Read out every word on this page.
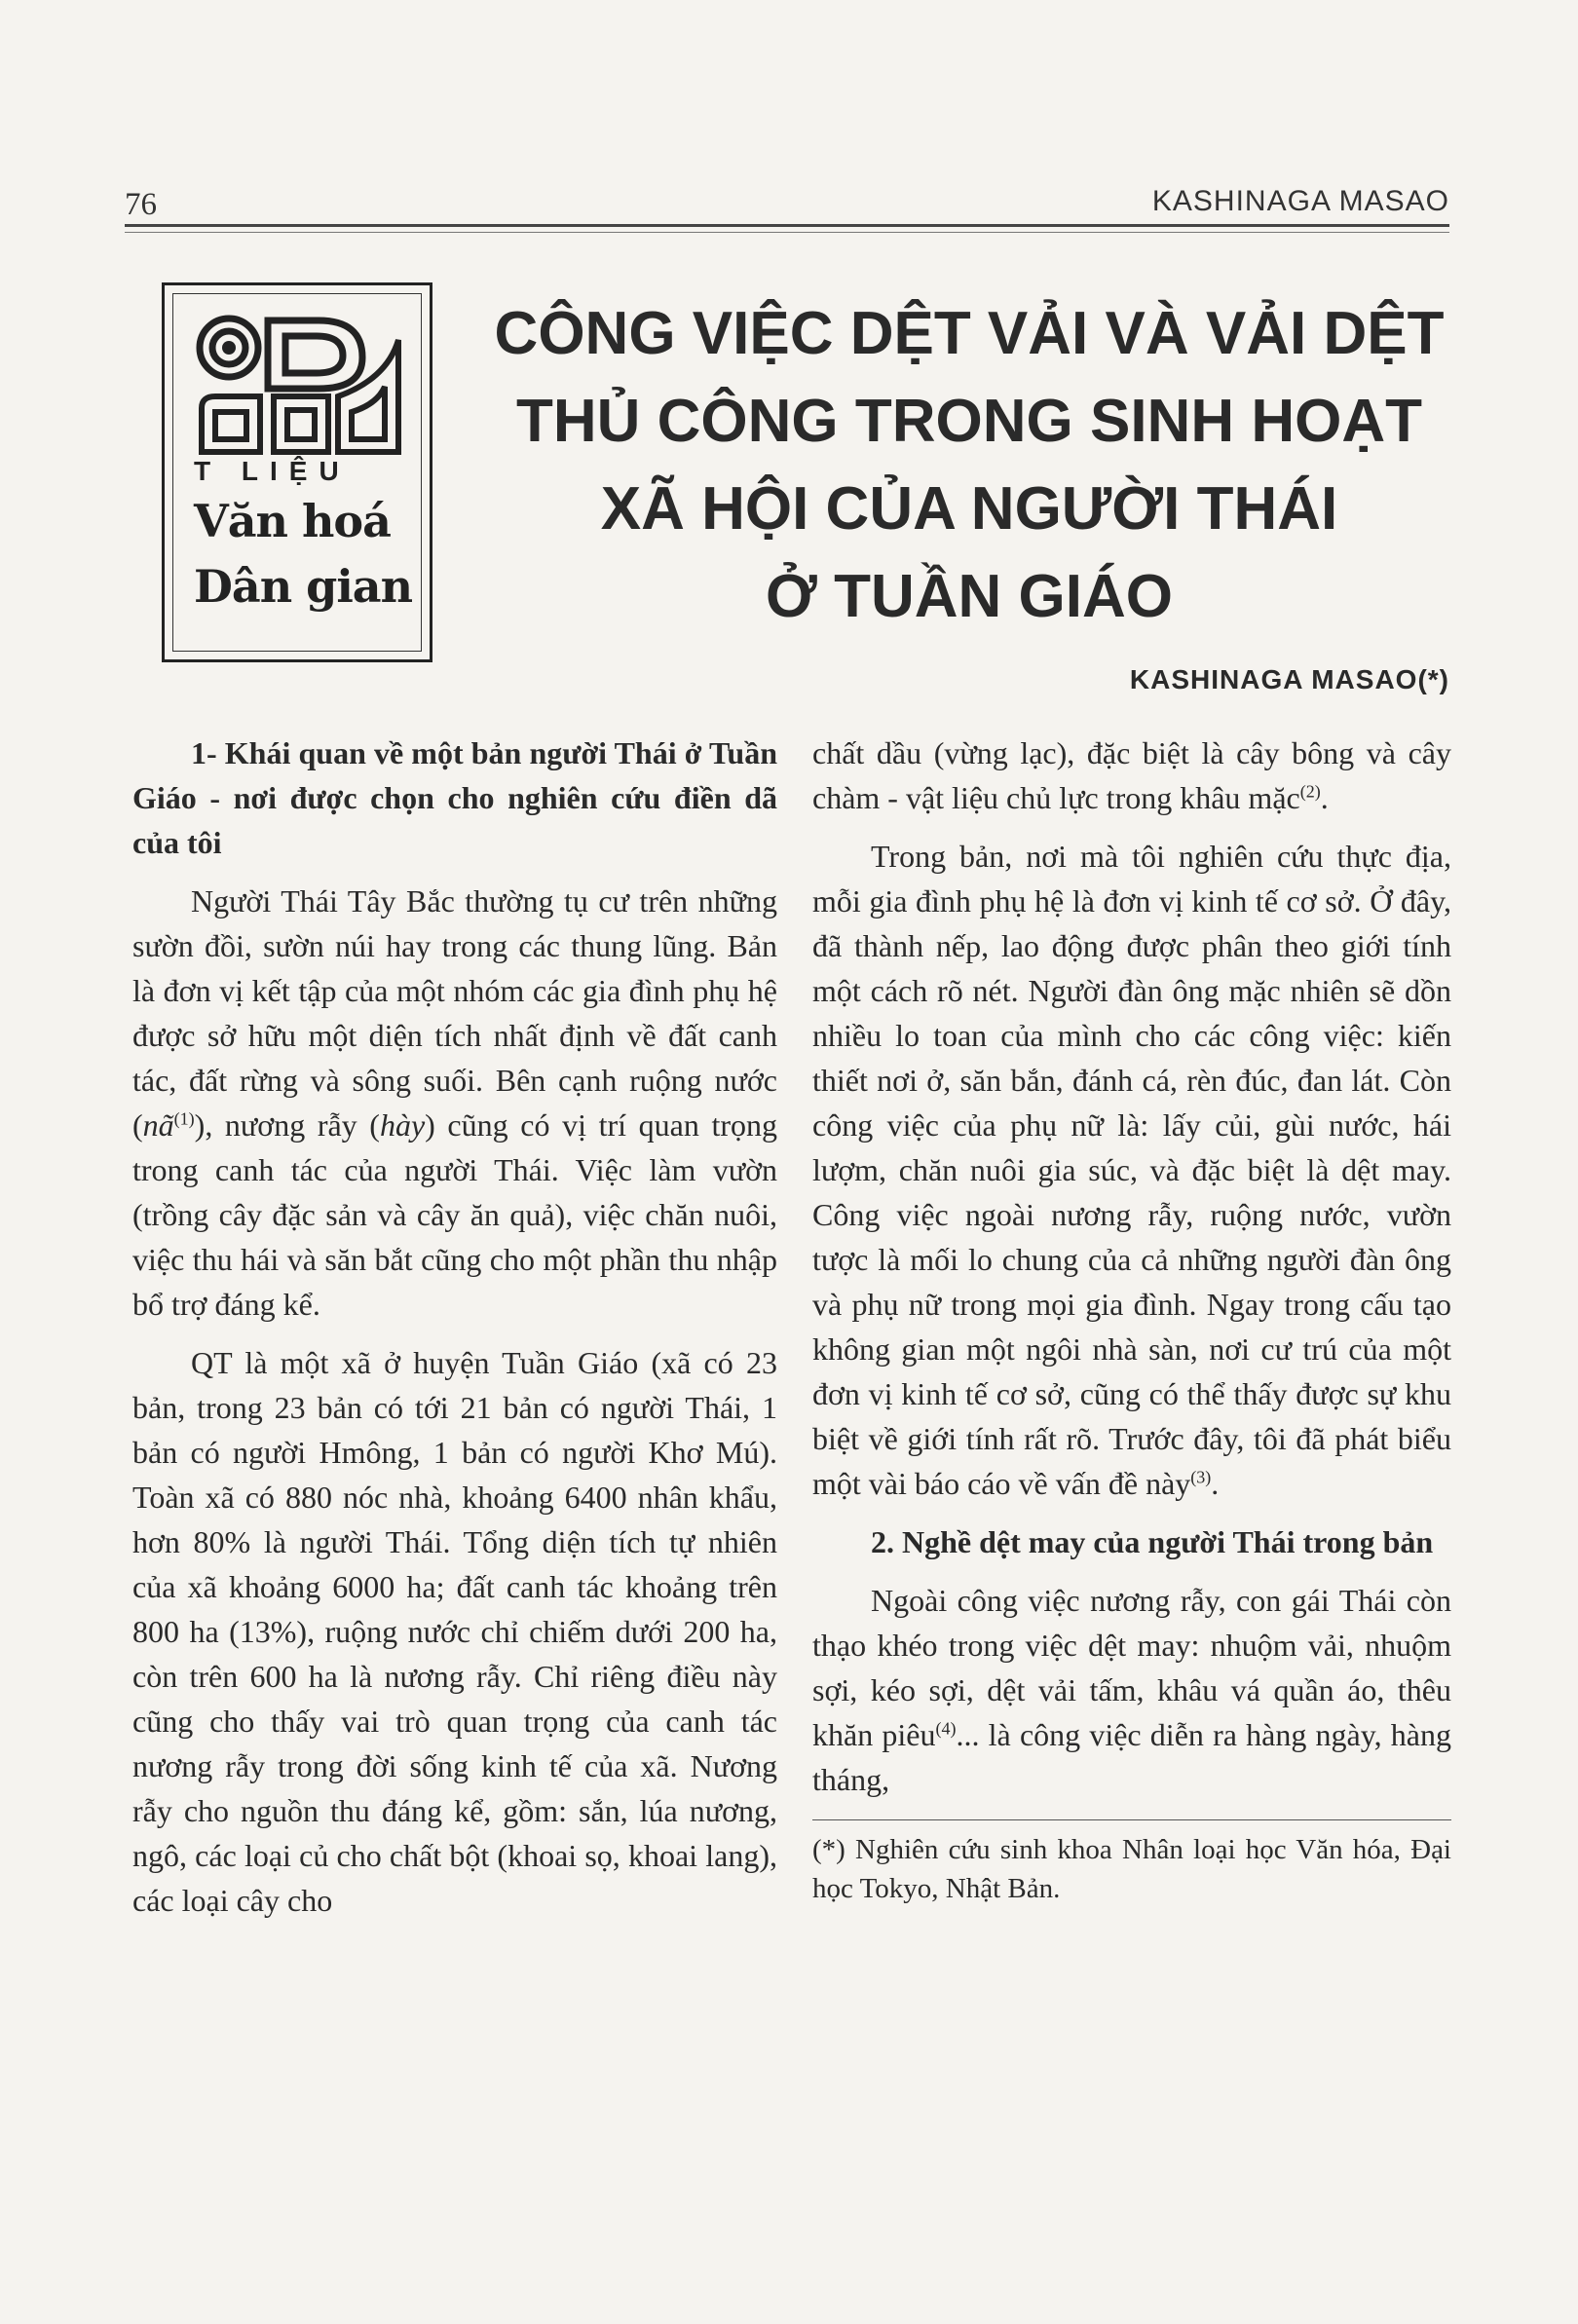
76	KASHINAGA MASAO
T LIỆU
Văn hoá
Dân gian
CÔNG VIỆC DỆT VẢI VÀ VẢI DỆT
THỦ CÔNG TRONG SINH HOẠT
XÃ HỘI CỦA NGƯỜI THÁI
Ở TUẦN GIÁO
KASHINAGA MASAO(*)
1- Khái quan về một bản người Thái ở Tuần Giáo - nơi được chọn cho nghiên cứu điền dã của tôi

Người Thái Tây Bắc thường tụ cư trên những sườn đồi, sườn núi hay trong các thung lũng. Bản là đơn vị kết tập của một nhóm các gia đình phụ hệ được sở hữu một diện tích nhất định về đất canh tác, đất rừng và sông suối. Bên cạnh ruộng nước $(nã^{(1)})$, nương rẫy (hày) cũng có vị trí quan trọng trong canh tác của người Thái. Việc làm vườn (trồng cây đặc sản và cây ăn quả), việc chăn nuôi, việc thu hái và săn bắt cũng cho một phần thu nhập bổ trợ đáng kể.

QT là một xã ở huyện Tuần Giáo (xã có 23 bản, trong 23 bản có tới 21 bản có người Thái, 1 bản có người Hmông, 1 bản có người Khơ Mú). Toàn xã có 880 nóc nhà, khoảng 6400 nhân khẩu, hơn 80% là người Thái. Tổng diện tích tự nhiên của xã khoảng 6000 ha; đất canh tác khoảng trên 800 ha (13%), ruộng nước chỉ chiếm dưới 200 ha, còn trên 600 ha là nương rẫy. Chỉ riêng điều này cũng cho thấy vai trò quan trọng của canh tác nương rẫy trong đời sống kinh tế của xã. Nương rẫy cho nguồn thu đáng kể, gồm: sắn, lúa nương, ngô, các loại củ cho chất bột (khoai sọ, khoai lang), các loại cây cho

chất dầu (vừng lạc), đặc biệt là cây bông và cây chàm - vật liệu chủ lực trong khâu mặc$^{(2)}$.

Trong bản, nơi mà tôi nghiên cứu thực địa, mỗi gia đình phụ hệ là đơn vị kinh tế cơ sở. Ở đây, đã thành nếp, lao động được phân theo giới tính một cách rõ nét. Người đàn ông mặc nhiên sẽ dồn nhiều lo toan của mình cho các công việc: kiến thiết nơi ở, săn bắn, đánh cá, rèn đúc, đan lát. Còn công việc của phụ nữ là: lấy củi, gùi nước, hái lượm, chăn nuôi gia súc, và đặc biệt là dệt may. Công việc ngoài nương rẫy, ruộng nước, vườn tược là mối lo chung của cả những người đàn ông và phụ nữ trong mọi gia đình. Ngay trong cấu tạo không gian một ngôi nhà sàn, nơi cư trú của một đơn vị kinh tế cơ sở, cũng có thể thấy được sự khu biệt về giới tính rất rõ. Trước đây, tôi đã phát biểu một vài báo cáo về vấn đề này$^{(3)}$.

2. Nghề dệt may của người Thái trong bản

Ngoài công việc nương rẫy, con gái Thái còn thạo khéo trong việc dệt may: nhuộm vải, nhuộm sợi, kéo sợi, dệt vải tấm, khâu vá quần áo, thêu khăn piêu$^{(4)}$... là công việc diễn ra hàng ngày, hàng tháng,

(*) Nghiên cứu sinh khoa Nhân loại học Văn hóa, Đại học Tokyo, Nhật Bản.
